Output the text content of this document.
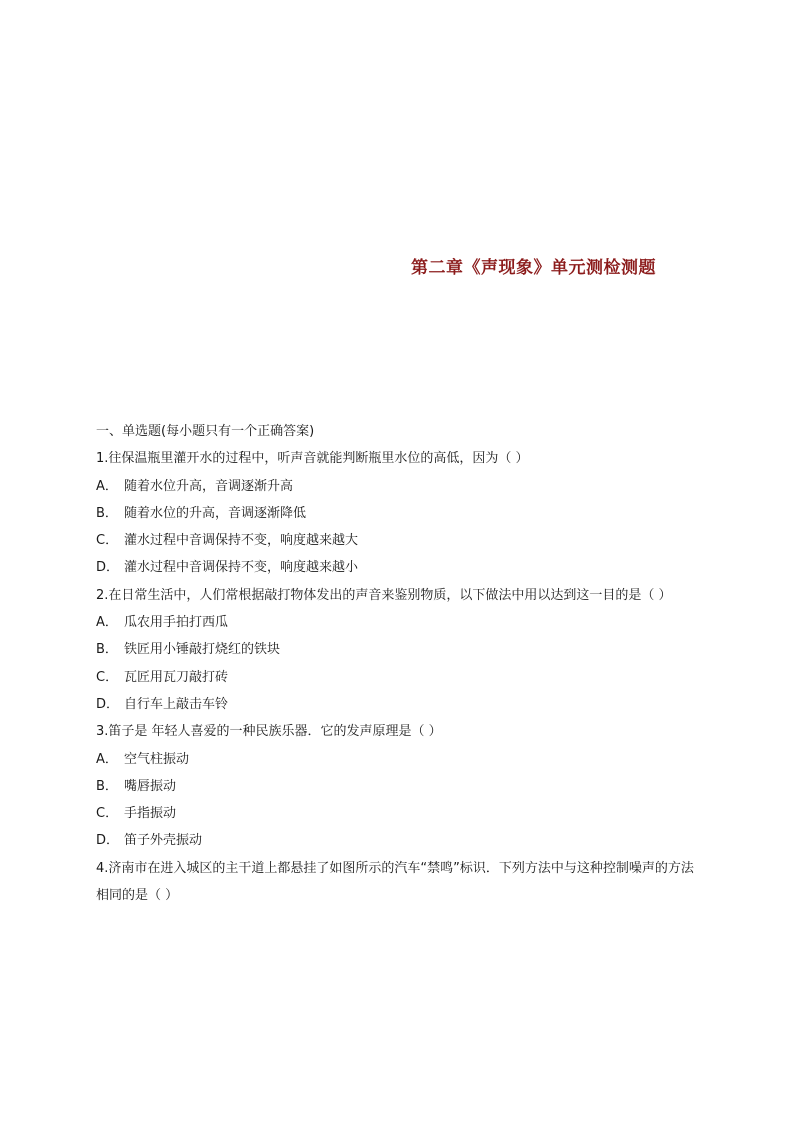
第二章《声现象》单元测检测题
一、单选题(每小题只有一个正确答案)
1.往保温瓶里灌开水的过程中，听声音就能判断瓶里水位的高低，因为（ ）
A． 随着水位升高，音调逐渐升高
B． 随着水位的升高，音调逐渐降低
C． 灌水过程中音调保持不变，响度越来越大
D． 灌水过程中音调保持不变，响度越来越小
2.在日常生活中，人们常根据敲打物体发出的声音来鉴别物质，以下做法中用以达到这一目的是（ ）
A． 瓜农用手拍打西瓜
B． 铁匠用小锤敲打烧红的铁块
C． 瓦匠用瓦刀敲打砖
D． 自行车上敲击车铃
3.笛子是 年轻人喜爱的一种民族乐器．它的发声原理是（ ）
A． 空气柱振动
B． 嘴唇振动
C． 手指振动
D． 笛子外壳振动
4.济南市在进入城区的主干道上都悬挂了如图所示的汽车“禁鸣”标识．下列方法中与这种控制噪声的方法相同的是（ ）
